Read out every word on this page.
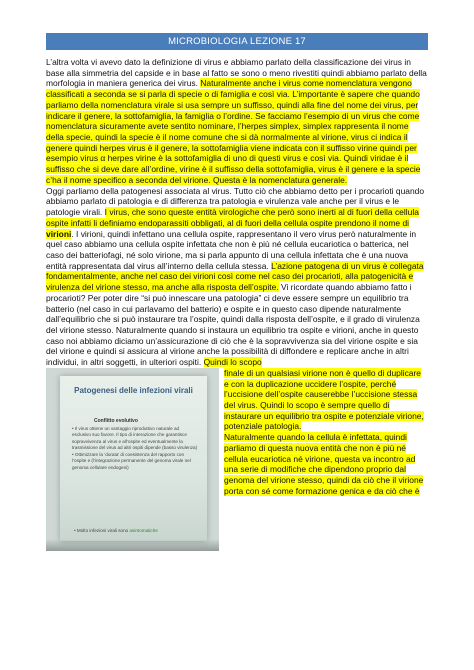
MICROBIOLOGIA LEZIONE 17

L’altra volta vi avevo dato la definizione di virus e abbiamo parlato della classificazione dei virus in base alla simmetria del capside e in base al fatto se sono o meno rivestiti quindi abbiamo parlato della morfologia in maniera generica dei virus. Naturalmente anche i virus come nomenclatura vengono classificati a seconda se si parla di specie o di famiglia e così via. L’importante è sapere che quando parliamo della nomenclatura virale si usa sempre un suffisso, quindi alla fine del nome dei virus, per indicare il genere, la sottofamiglia, la famiglia o l’ordine. Se facciamo l’esempio di un virus che come nomenclatura sicuramente avete sentito nominare, l’herpes simplex, simplex rappresenta il nome della specie, quindi la specie è il nome comune che si dà normalmente al virione, virus ci indica il genere quindi herpes virus è il genere, la sottofamiglia viene indicata con il suffisso virine quindi per esempio virus α herpes virine è la sottofamiglia di uno di questi virus e così via. Quindi viridae è il suffisso che si deve dare all’ordine, virine è il suffisso della sottofamiglia, virus è il genere e la specie c’ha il nome specifico a seconda del virione. Questa è la nomenclatura generale.

Oggi parliamo della patogenesi associata al virus. Tutto ciò che abbiamo detto per i procarioti quando abbiamo parlato di patologia e di differenza tra patologia e virulenza vale anche per il virus e le patologie virali. I virus, che sono queste entità virologiche che però sono inerti al di fuori della cellula ospite infatti li definiamo endoparassiti obbligati, al di fuori della cellula ospite prendono il nome di virioni. I virioni, quindi infettano una cellula ospite, rappresentano il vero virus però naturalmente in quel caso abbiamo una cellula ospite infettata che non è più né cellula eucariotica o batterica, nel caso dei batteriofagi, né solo virione, ma si parla appunto di una cellula infettata che è una nuova entità rappresentata dal virus all’interno della cellula stessa. L’azione patogena di un virus è collegata fondamentalmente, anche nel caso dei virioni così come nel caso dei procarioti, alla patogenicità e virulenza del virione stesso, ma anche alla risposta dell’ospite. Vi ricordate quando abbiamo fatto i procarioti? Per poter dire “si può innescare una patologia” ci deve essere sempre un equilibrio tra batterio (nel caso in cui parlavamo del batterio) e ospite e in questo caso dipende naturalmente dall’equilibrio che si può instaurare tra l’ospite, quindi dalla risposta dell’ospite, e il grado di virulenza del virione stesso. Naturalmente quando si instaura un equilibrio tra ospite e virioni, anche in questo caso noi abbiamo diciamo un’assicurazione di ciò che è la sopravvivenza sia del virione ospite e sia del virione e quindi si assicura al virione anche la possibilità di diffondere e replicare anche in altri individui, in altri soggetti, in ulteriori ospiti. Quindi lo scopo

Patogenesi delle infezioni virali
Conflitto evolutivo
• Il virus ottiene un vantaggio riproduttivo naturale ad esclusivo suo favore. Il tipo di interazione che garantisce sopravvivenza al virus e all’ospite ed eventualmente la trasmissione del virus ad altri ospiti dipende (basso virulenza) • Ottimizzare la ‘durata’ di coesistenza del rapporto con l’ospite e (l’integrazione permanente del genoma virale nel genoma cellulare endogeni)
• Molto infezioni virali sono asintomatiche

finale di un qualsiasi virione non è quello di duplicare e con la duplicazione uccidere l’ospite, perché l’uccisione dell’ospite causerebbe l’uccisione stessa del virus. Quindi lo scopo è sempre quello di instaurare un equilibrio tra ospite e potenziale virione, potenziale patologia.

Naturalmente quando la cellula è infettata, quindi parliamo di questa nuova entità che non è più né cellula eucariotica né virione, questa va incontro ad una serie di modifiche che dipendono proprio dal genoma del virione stesso, quindi da ciò che il virione porta con sé come formazione genica e da ciò che è
